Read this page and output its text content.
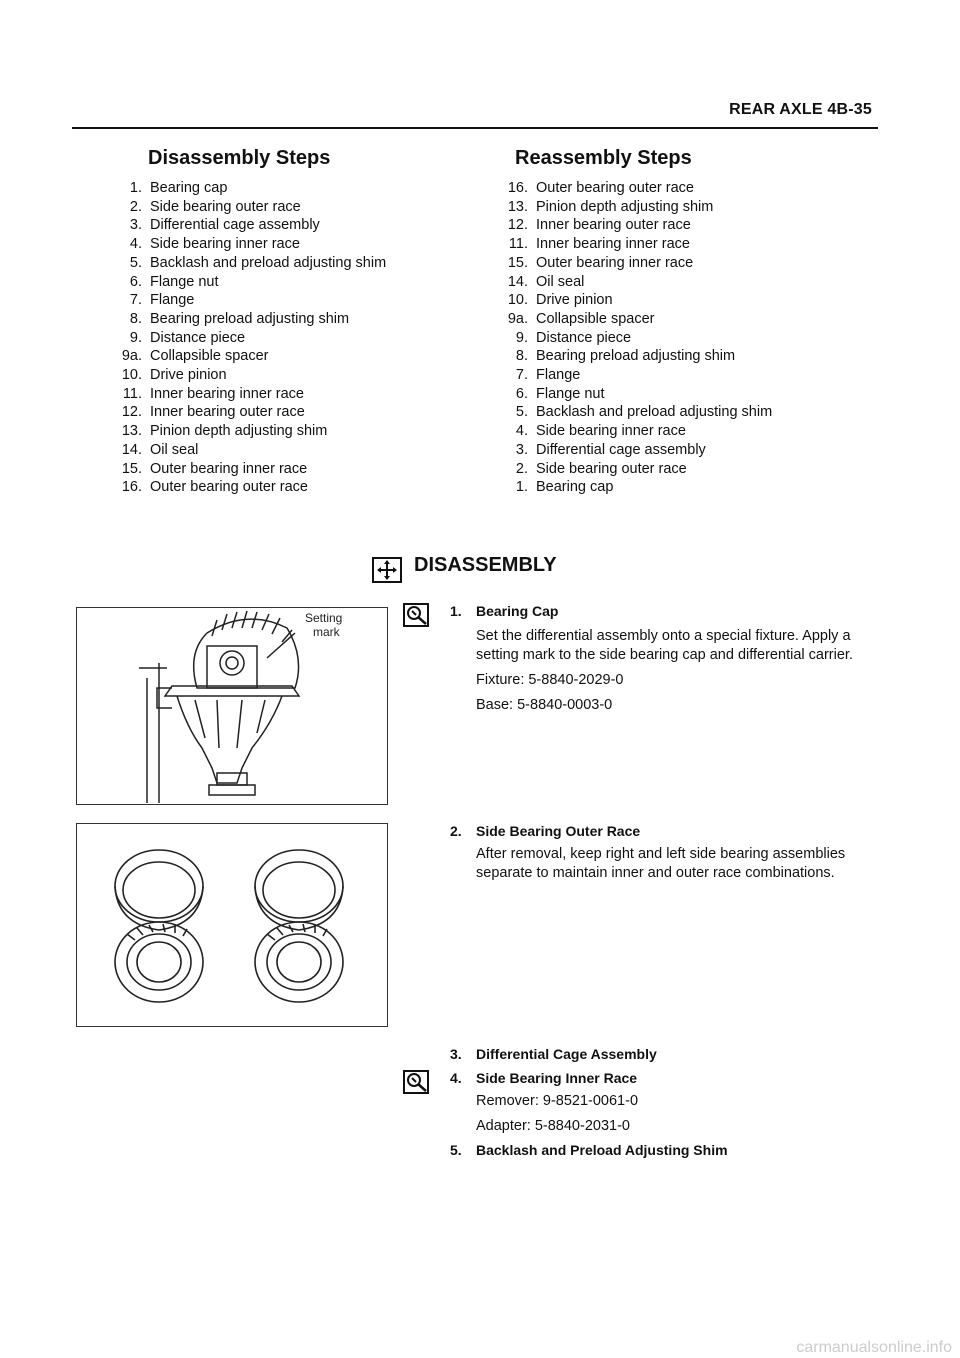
REAR AXLE 4B-35
Disassembly Steps
1. Bearing cap
2. Side bearing outer race
3. Differential cage assembly
4. Side bearing inner race
5. Backlash and preload adjusting shim
6. Flange nut
7. Flange
8. Bearing preload adjusting shim
9. Distance piece
9a. Collapsible spacer
10. Drive pinion
11. Inner bearing inner race
12. Inner bearing outer race
13. Pinion depth adjusting shim
14. Oil seal
15. Outer bearing inner race
16. Outer bearing outer race
Reassembly Steps
16. Outer bearing outer race
13. Pinion depth adjusting shim
12. Inner bearing outer race
11. Inner bearing inner race
15. Outer bearing inner race
14. Oil seal
10. Drive pinion
9a. Collapsible spacer
9. Distance piece
8. Bearing preload adjusting shim
7. Flange
6. Flange nut
5. Backlash and preload adjusting shim
4. Side bearing inner race
3. Differential cage assembly
2. Side bearing outer race
1. Bearing cap
DISASSEMBLY
Setting
mark
1.	Bearing Cap

Set the differential assembly onto a special fixture. Apply a setting mark to the side bearing cap and differential carrier.

Fixture: 5-8840-2029-0

Base: 5-8840-0003-0

2.	Side Bearing Outer Race

After removal, keep right and left side bearing assemblies separate to maintain inner and outer race combinations.

3.	Differential Cage Assembly
4.	Side Bearing Inner Race

Remover: 9-8521-0061-0

Adapter: 5-8840-2031-0

5.	Backlash and Preload Adjusting Shim
carmanualsonline.info
